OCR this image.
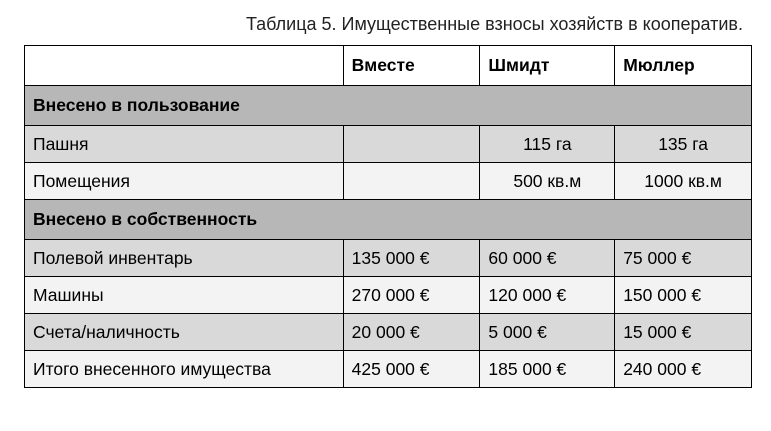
Таблица 5. Имущественные взносы хозяйств в кооператив.
	Вместе	Шмидт	Мюллер
Внесено в пользование			
Пашня		115 га	135 га
Помещения		500 кв.м	1000 кв.м
Внесено в собственность			
Полевой инвентарь	135 000 €	60 000 €	75 000 €
Машины	270 000 €	120 000 €	150 000 €
Счета/наличность	20 000 €	5 000 €	15 000 €
Итого внесенного имущества	425 000 €	185 000 €	240 000 €
